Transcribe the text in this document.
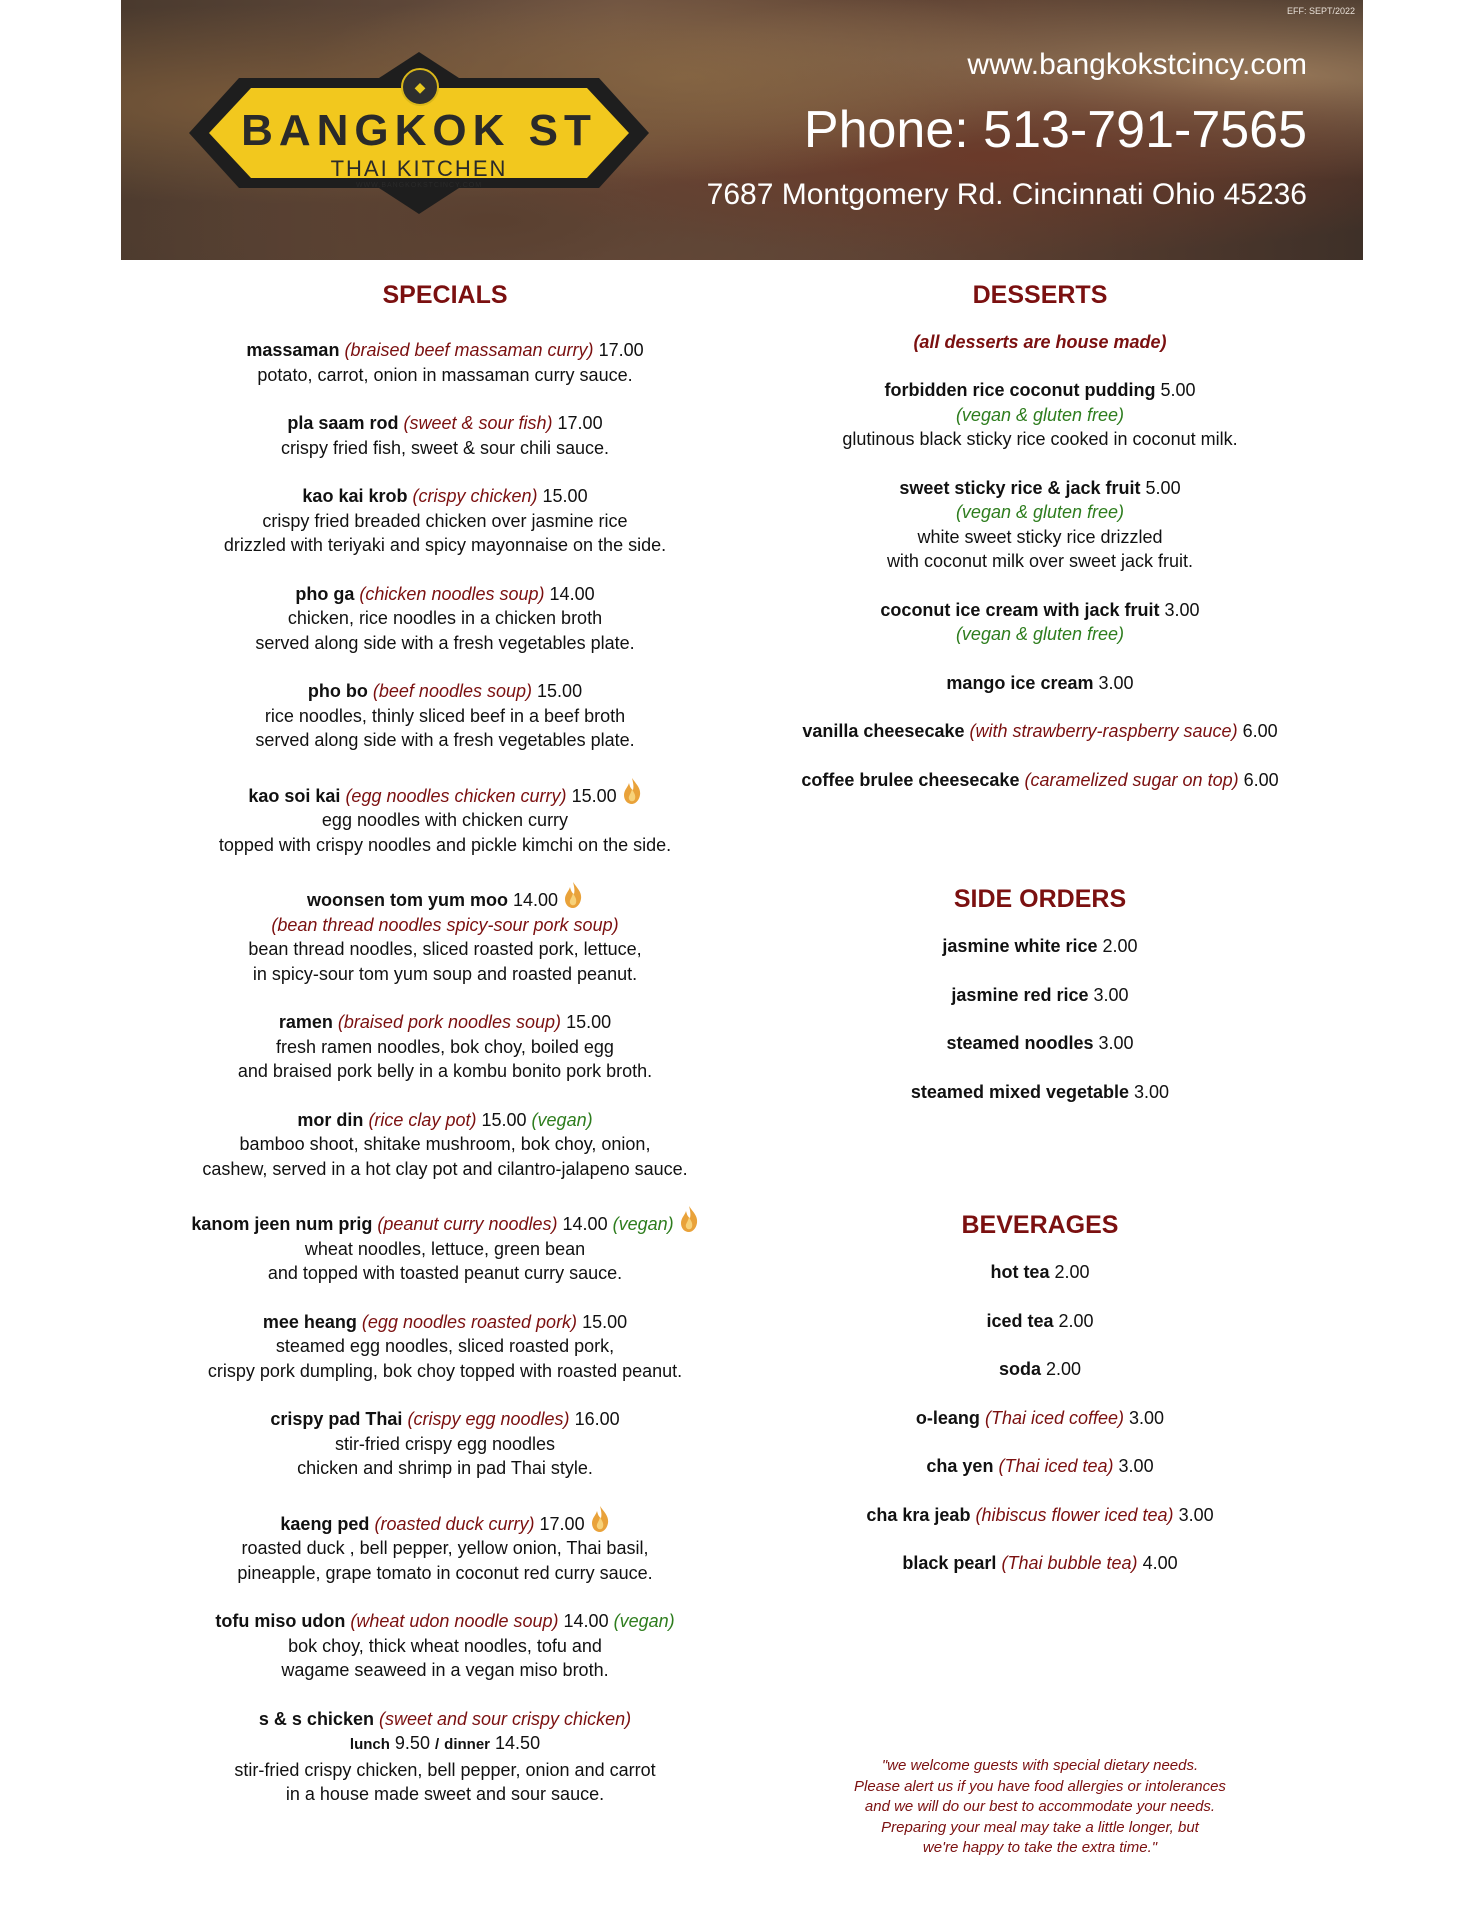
EFF: SEPT/2022
◆
BANGKOK ST
THAI KITCHEN
WWW.BANGKOKSTCINCY.COM
www.bangkokstcincy.com
Phone: 513-791-7565
7687 Montgomery Rd. Cincinnati Ohio 45236
SPECIALS
massaman (braised beef massaman curry) 17.00
potato, carrot, onion in massaman curry sauce.
pla saam rod (sweet & sour fish) 17.00
crispy fried fish, sweet & sour chili sauce.
kao kai krob (crispy chicken) 15.00
crispy fried breaded chicken over jasmine rice
drizzled with teriyaki and spicy mayonnaise on the side.
pho ga (chicken noodles soup) 14.00
chicken, rice noodles in a chicken broth
served along side with a fresh vegetables plate.
pho bo (beef noodles soup) 15.00
rice noodles, thinly sliced beef in a beef broth
served along side with a fresh vegetables plate.
kao soi kai (egg noodles chicken curry) 15.00
egg noodles with chicken curry
topped with crispy noodles and pickle kimchi on the side.
woonsen tom yum moo 14.00
(bean thread noodles spicy-sour pork soup)
bean thread noodles, sliced roasted pork, lettuce,
in spicy-sour tom yum soup and roasted peanut.
ramen (braised pork noodles soup) 15.00
fresh ramen noodles, bok choy, boiled egg
and braised pork belly in a kombu bonito pork broth.
mor din (rice clay pot) 15.00 (vegan)
bamboo shoot, shitake mushroom, bok choy, onion,
cashew, served in a hot clay pot and cilantro-jalapeno sauce.
kanom jeen num prig (peanut curry noodles) 14.00 (vegan)
wheat noodles, lettuce, green bean
and topped with toasted peanut curry sauce.
mee heang (egg noodles roasted pork) 15.00
steamed egg noodles, sliced roasted pork,
crispy pork dumpling, bok choy topped with roasted peanut.
crispy pad Thai (crispy egg noodles) 16.00
stir-fried crispy egg noodles
chicken and shrimp in pad Thai style.
kaeng ped (roasted duck curry) 17.00
roasted duck , bell pepper, yellow onion, Thai basil,
pineapple, grape tomato in coconut red curry sauce.
tofu miso udon (wheat udon noodle soup) 14.00 (vegan)
bok choy, thick wheat noodles, tofu and
wagame seaweed in a vegan miso broth.
s & s chicken (sweet and sour crispy chicken)
lunch 9.50 / dinner 14.50
stir-fried crispy chicken, bell pepper, onion and carrot
in a house made sweet and sour sauce.
DESSERTS
(all desserts are house made)
forbidden rice coconut pudding 5.00
(vegan & gluten free)
glutinous black sticky rice cooked in coconut milk.
sweet sticky rice & jack fruit 5.00
(vegan & gluten free)
white sweet sticky rice drizzled
with coconut milk over sweet jack fruit.
coconut ice cream with jack fruit 3.00
(vegan & gluten free)
mango ice cream 3.00
vanilla cheesecake (with strawberry-raspberry sauce) 6.00
coffee brulee cheesecake (caramelized sugar on top) 6.00
SIDE ORDERS
jasmine white rice 2.00
jasmine red rice 3.00
steamed noodles 3.00
steamed mixed vegetable 3.00
BEVERAGES
hot tea 2.00
iced tea 2.00
soda 2.00
o-leang (Thai iced coffee) 3.00
cha yen (Thai iced tea) 3.00
cha kra jeab (hibiscus flower iced tea) 3.00
black pearl (Thai bubble tea) 4.00
"we welcome guests with special dietary needs.
Please alert us if you have food allergies or intolerances
and we will do our best to accommodate your needs.
Preparing your meal may take a little longer, but
we're happy to take the extra time."
